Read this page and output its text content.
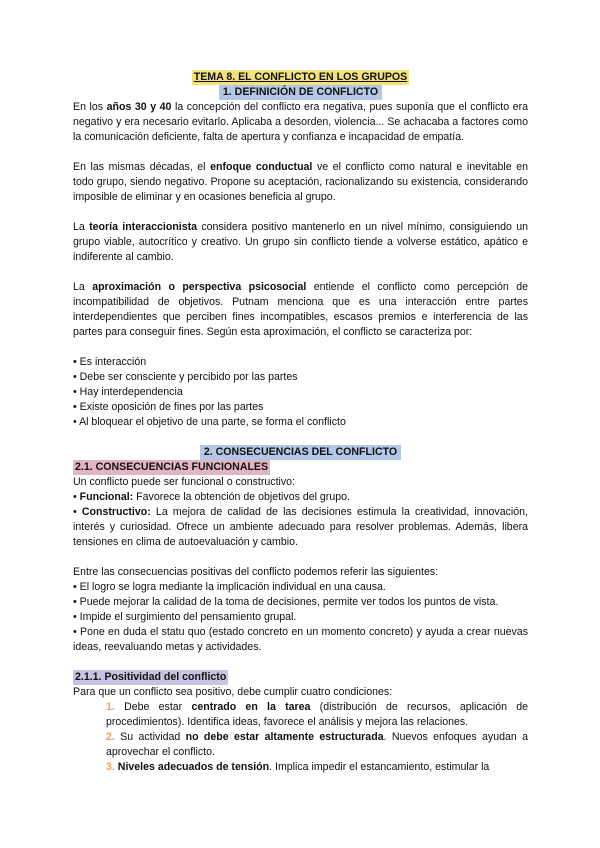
TEMA 8. EL CONFLICTO EN LOS GRUPOS
1. DEFINICIÓN DE CONFLICTO

En los años 30 y 40 la concepción del conflicto era negativa, pues suponía que el conflicto era negativo y era necesario evitarlo. Aplicaba a desorden, violencia... Se achacaba a factores como la comunicación deficiente, falta de apertura y confianza e incapacidad de empatía.

En las mismas décadas, el enfoque conductual ve el conflicto como natural e inevitable en todo grupo, siendo negativo. Propone su aceptación, racionalizando su existencia, considerando imposible de eliminar y en ocasiones beneficia al grupo.

La teoría interaccionista considera positivo mantenerlo en un nivel mínimo, consiguiendo un grupo viable, autocrítico y creativo. Un grupo sin conflicto tiende a volverse estático, apático e indiferente al cambio.

La aproximación o perspectiva psicosocial entiende el conflicto como percepción de incompatibilidad de objetivos. Putnam menciona que es una interacción entre partes interdependientes que perciben fines incompatibles, escasos premios e interferencia de las partes para conseguir fines. Según esta aproximación, el conflicto se caracteriza por:

• Es interacción
• Debe ser consciente y percibido por las partes
• Hay interdependencia
• Existe oposición de fines por las partes
• Al bloquear el objetivo de una parte, se forma el conflicto
2. CONSECUENCIAS DEL CONFLICTO
2.1. CONSECUENCIAS FUNCIONALES

Un conflicto puede ser funcional o constructivo:

• Funcional: Favorece la obtención de objetivos del grupo.

• Constructivo: La mejora de calidad de las decisiones estimula la creatividad, innovación, interés y curiosidad. Ofrece un ambiente adecuado para resolver problemas. Además, libera tensiones en clima de autoevaluación y cambio.

Entre las consecuencias positivas del conflicto podemos referir las siguientes:

• El logro se logra mediante la implicación individual en una causa.
• Puede mejorar la calidad de la toma de decisiones, permite ver todos los puntos de vista.
• Impide el surgimiento del pensamiento grupal.
• Pone en duda el statu quo (estado concreto en un momento concreto) y ayuda a crear nuevas ideas, reevaluando metas y actividades.
2.1.1. Positividad del conflicto

Para que un conflicto sea positivo, debe cumplir cuatro condiciones:

1. Debe estar centrado en la tarea (distribución de recursos, aplicación de procedimientos). Identifica ideas, favorece el análisis y mejora las relaciones.

2. Su actividad no debe estar altamente estructurada. Nuevos enfoques ayudan a aprovechar el conflicto.

3. Niveles adecuados de tensión. Implica impedir el estancamiento, estimular la
